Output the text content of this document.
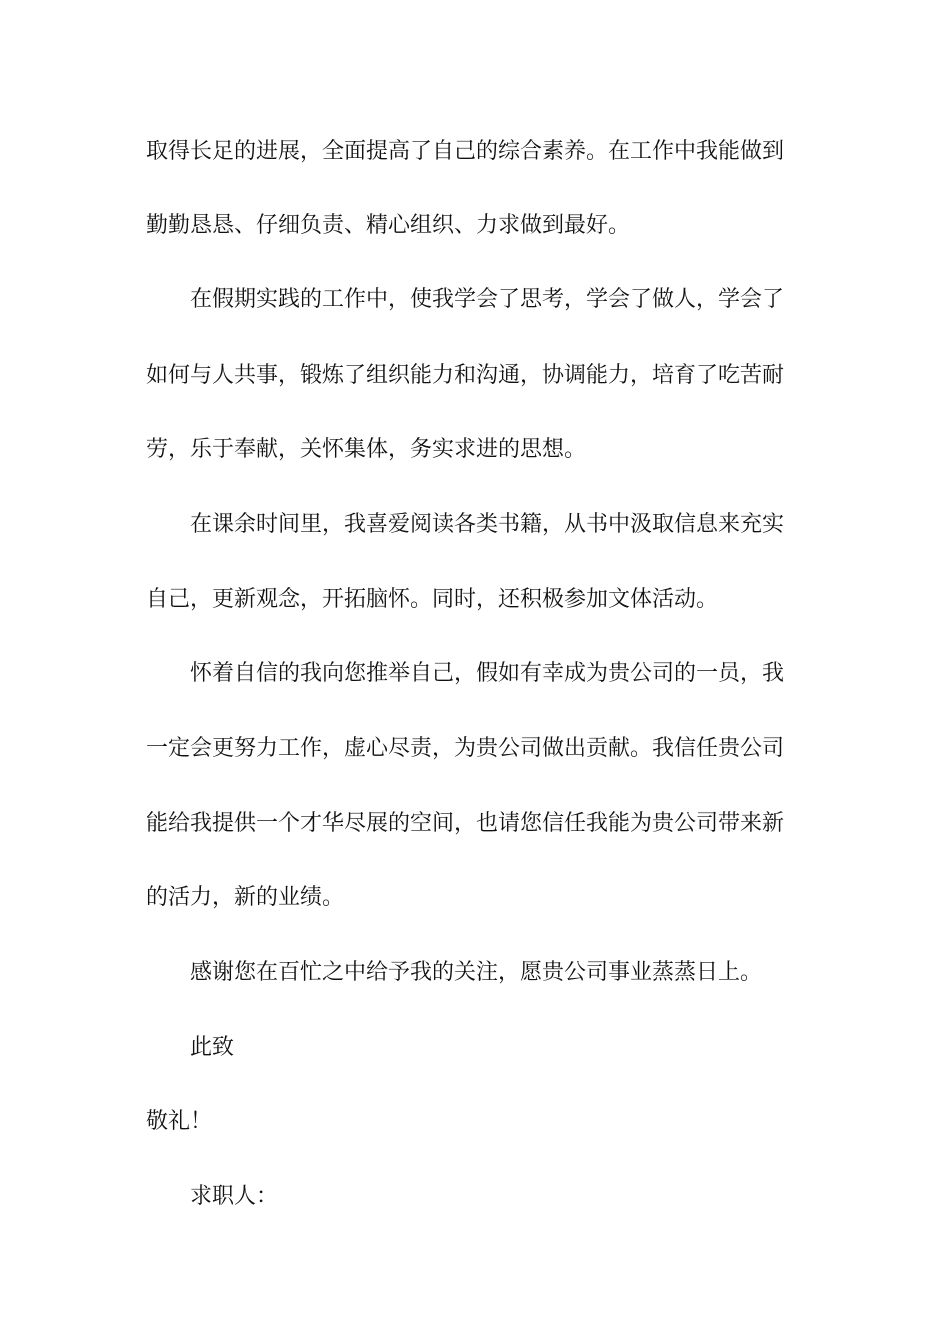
取得长足的进展，全面提高了自己的综合素养。在工作中我能做到
勤勤恳恳、仔细负责、精心组织、力求做到最好。
在假期实践的工作中，使我学会了思考，学会了做人，学会了
如何与人共事，锻炼了组织能力和沟通，协调能力，培育了吃苦耐
劳，乐于奉献，关怀集体，务实求进的思想。
在课余时间里，我喜爱阅读各类书籍，从书中汲取信息来充实
自己，更新观念，开拓脑怀。同时，还积极参加文体活动。
怀着自信的我向您推举自己，假如有幸成为贵公司的一员，我
一定会更努力工作，虚心尽责，为贵公司做出贡献。我信任贵公司
能给我提供一个才华尽展的空间，也请您信任我能为贵公司带来新
的活力，新的业绩。
感谢您在百忙之中给予我的关注，愿贵公司事业蒸蒸日上。
此致
敬礼！
求职人：
